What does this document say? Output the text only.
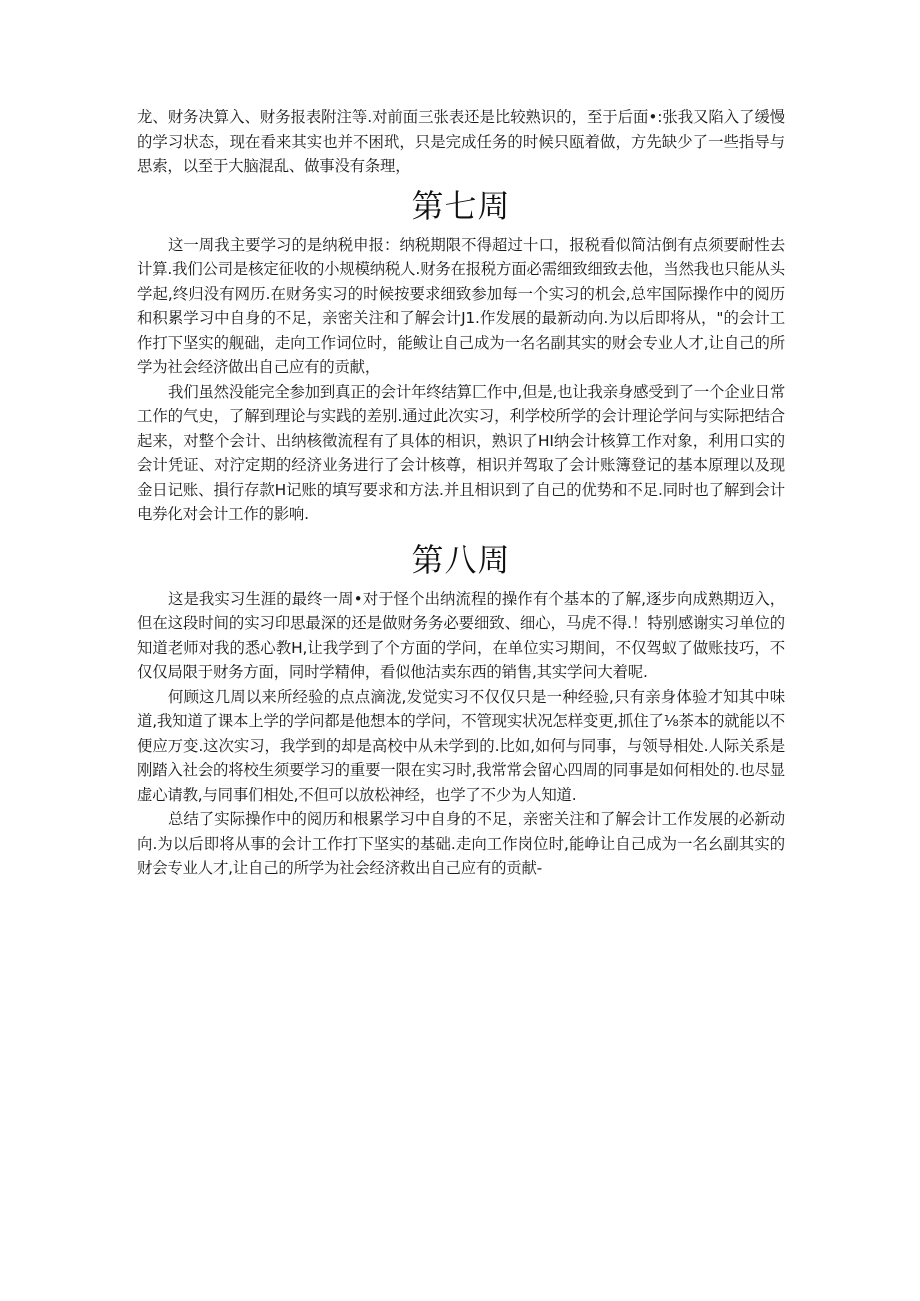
龙、财务决算入、财务报表附注等.对前面三张表还是比较熟识的，至于后面•:张我又陷入了缓慢的学习状态，现在看来其实也并不困玳，只是完成任务的时候只瓯着做，方先缺少了一些指导与思索，以至于大脑混乱、做事没有条理，

第七周

这一周我主要学习的是纳税申报：纳税期限不得超过十口，报税看似简沽倒有点须要耐性去计算.我们公司是核定征收的小规模纳税人.财务在报税方面必需细致细致去他，当然我也只能从头学起,终归没有网历.在财务实习的时候按要求细致参加每一个实习的机会,总牢国际操作中的阅历和积累学习中自身的不足，亲密关注和了解会计J1.作发展的最新动向.为以后即将从，"的会计工作打下坚实的舰础，走向工作词位时，能鲅让自己成为一名名副其实的财会专业人才,让自己的所学为社会经济做出自己应有的贡献，

我们虽然没能完全参加到真正的会计年终结算匚作中,但是,也让我亲身感受到了一个企业日常工作的气史，了解到理论与实践的差别.通过此次实习，利学校所学的会计理论学问与实际把结合起来，对整个会计、出纳核徵流程有了具体的相识，熟识了HI纳会计核算工作对象，利用口实的会计凭证、对泞定期的经济业务进行了会计核尊，相识并驾取了会计账簿登记的基本原理以及现金日记账、損行存款H记账的填写要求和方法.并且相识到了自己的优势和不足.同时也了解到会计电券化对会计工作的影响.

第八周

这是我实习生涯的最终一周•对于怪个出纳流程的操作有个基本的了解,逐步向成熟期迈入，但在这段时间的实习印思最深的还是做财务务必要细致、细心，马虎不得.！特别感谢实习单位的知道老师对我的悉心教H,让我学到了个方面的学问，在单位实习期间，不仅驾蚁了做账技巧，不仅仅局限于财务方面，同时学精伸，看似他沽卖东西的销售,其实学问大着呢.

何顾这几周以来所经验的点点滴泷,发觉实习不仅仅只是一种经验,只有亲身体验才知其中味道,我知道了课本上学的学问都是他想本的学问，不管现实状况怎样变更,抓住了⅛茶本的就能以不便应万变.这次实习，我学到的却是高校中从未学到的.比如,如何与同事，与领导相处.人际关系是刚踏入社会的将校生须要学习的重要一限在实习时,我常常会留心四周的同事是如何相处的.也尽显虚心请教,与同事们相处,不但可以放松神经，也学了不少为人知道.

总结了实际操作中的阅历和根累学习中自身的不足，亲密关注和了解会计工作发展的必新动向.为以后即将从事的会计工作打下坚实的基础.走向工作岗位时,能峥让自己成为一名幺副其实的财会专业人才,让自己的所学为社会经济救出自己应有的贡献-
